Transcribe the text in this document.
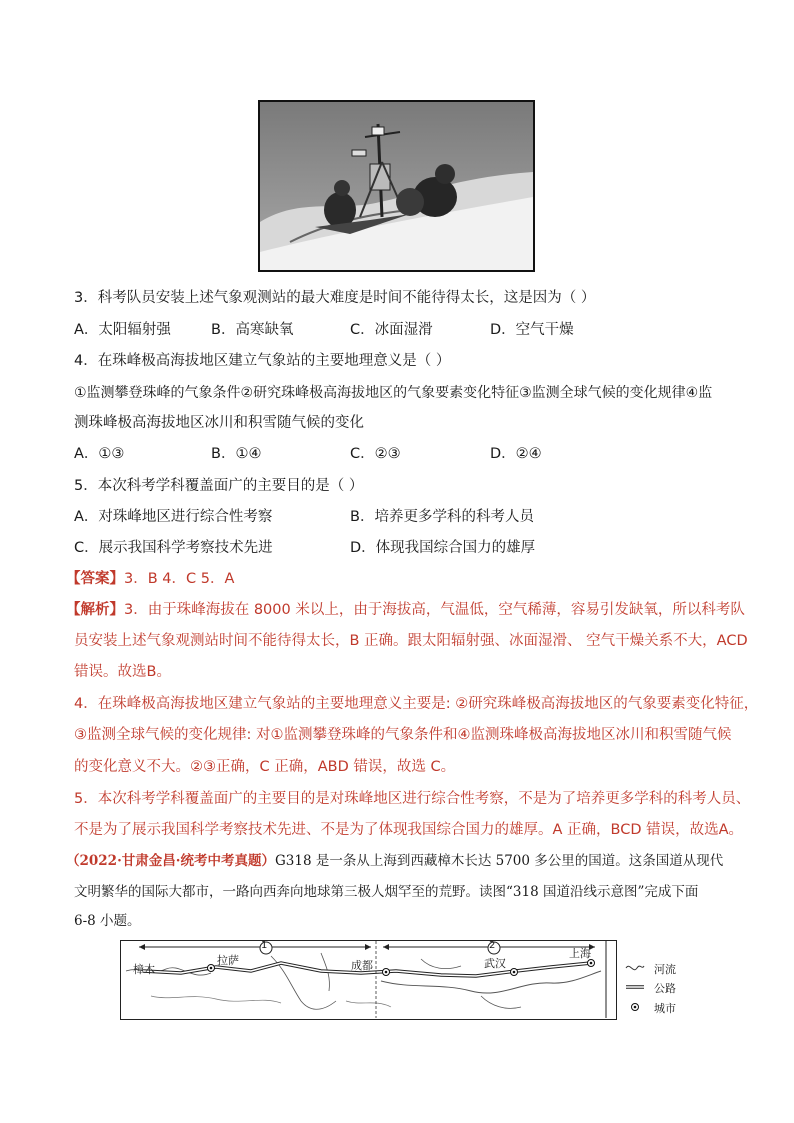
3．科考队员安装上述气象观测站的最大难度是时间不能待得太长，这是因为（ ）
A．太阳辐射强	B．高寒缺氧	C．冰面湿滑	D．空气干燥
4．在珠峰极高海拔地区建立气象站的主要地理意义是（ ）
①监测攀登珠峰的气象条件②研究珠峰极高海拔地区的气象要素变化特征③监测全球气候的变化规律④监
测珠峰极高海拔地区冰川和积雪随气候的变化
A．①③	B．①④	C．②③	D．②④
5．本次科考学科覆盖面广的主要目的是（ ）
A．对珠峰地区进行综合性考察	B．培养更多学科的科考人员
C．展示我国科学考察技术先进	D．体现我国综合国力的雄厚
【答案】3．B 4．C 5．A
【解析】3．由于珠峰海拔在 8000 米以上，由于海拔高，气温低，空气稀薄，容易引发缺氧，所以科考队
员安装上述气象观测站时间不能待得太长，B 正确。跟太阳辐射强、冰面湿滑、 空气干燥关系不大，ACD
错误。故选B。
4．在珠峰极高海拔地区建立气象站的主要地理意义主要是: ②研究珠峰极高海拔地区的气象要素变化特征，
③监测全球气候的变化规律: 对①监测攀登珠峰的气象条件和④监测珠峰极高海拔地区冰川和积雪随气候
的变化意义不大。②③正确，C 正确，ABD 错误，故选 C。
5．本次科考学科覆盖面广的主要目的是对珠峰地区进行综合性考察，不是为了培养更多学科的科考人员、
不是为了展示我国科学考察技术先进、不是为了体现我国综合国力的雄厚。A 正确，BCD 错误，故选A。
（2022·甘肃金昌·统考中考真题）G318 是一条从上海到西藏樟木长达 5700 多公里的国道。这条国道从现代
文明繁华的国际大都市，一路向西奔向地球第三极人烟罕至的荒野。读图“318 国道沿线示意图”完成下面
6-8 小题。
1	2
樟木
拉萨	成都	武汉
上海
河流
公路
城市
